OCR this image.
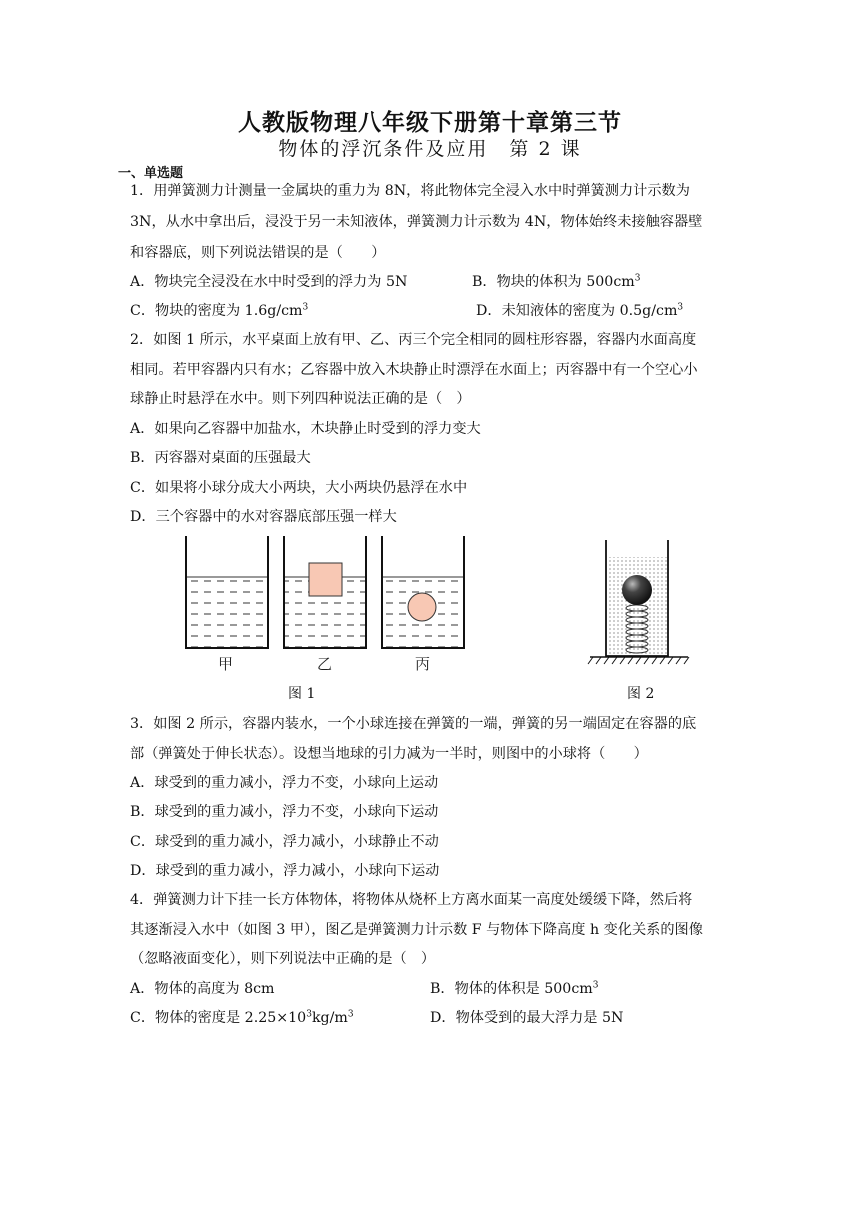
人教版物理八年级下册第十章第三节
物体的浮沉条件及应用　第 2 课
一、单选题
1．用弹簧测力计测量一金属块的重力为 8N，将此物体完全浸入水中时弹簧测力计示数为
3N，从水中拿出后，浸没于另一未知液体，弹簧测力计示数为 4N，物体始终未接触容器壁
和容器底，则下列说法错误的是（　　）
A．物块完全浸没在水中时受到的浮力为 5N	B．物块的体积为 $500cm^3$
C．物块的密度为 $1.6g/cm^3$	D．未知液体的密度为 $0.5g/cm^3$
2．如图 1 所示，水平桌面上放有甲、乙、丙三个完全相同的圆柱形容器，容器内水面高度
相同。若甲容器内只有水；乙容器中放入木块静止时漂浮在水面上；丙容器中有一个空心小
球静止时悬浮在水中。则下列四种说法正确的是（　）
A．如果向乙容器中加盐水，木块静止时受到的浮力变大
B．丙容器对桌面的压强最大
C．如果将小球分成大小两块，大小两块仍悬浮在水中
D．三个容器中的水对容器底部压强一样大
甲	乙	丙
图 1	图 2
3．如图 2 所示，容器内装水，一个小球连接在弹簧的一端，弹簧的另一端固定在容器的底
部（弹簧处于伸长状态）。设想当地球的引力减为一半时，则图中的小球将（　　）
A．球受到的重力减小，浮力不变，小球向上运动
B．球受到的重力减小，浮力不变，小球向下运动
C．球受到的重力减小，浮力减小，小球静止不动
D．球受到的重力减小，浮力减小，小球向下运动
4．弹簧测力计下挂一长方体物体，将物体从烧杯上方离水面某一高度处缓缓下降，然后将
其逐渐浸入水中（如图 3 甲），图乙是弹簧测力计示数 F 与物体下降高度 h 变化关系的图像
（忽略液面变化），则下列说法中正确的是（　）
A．物体的高度为 8cm	B．物体的体积是 $500cm^3$
C．物体的密度是 $2.25\times 10^3kg/m^3$	D．物体受到的最大浮力是 5N
